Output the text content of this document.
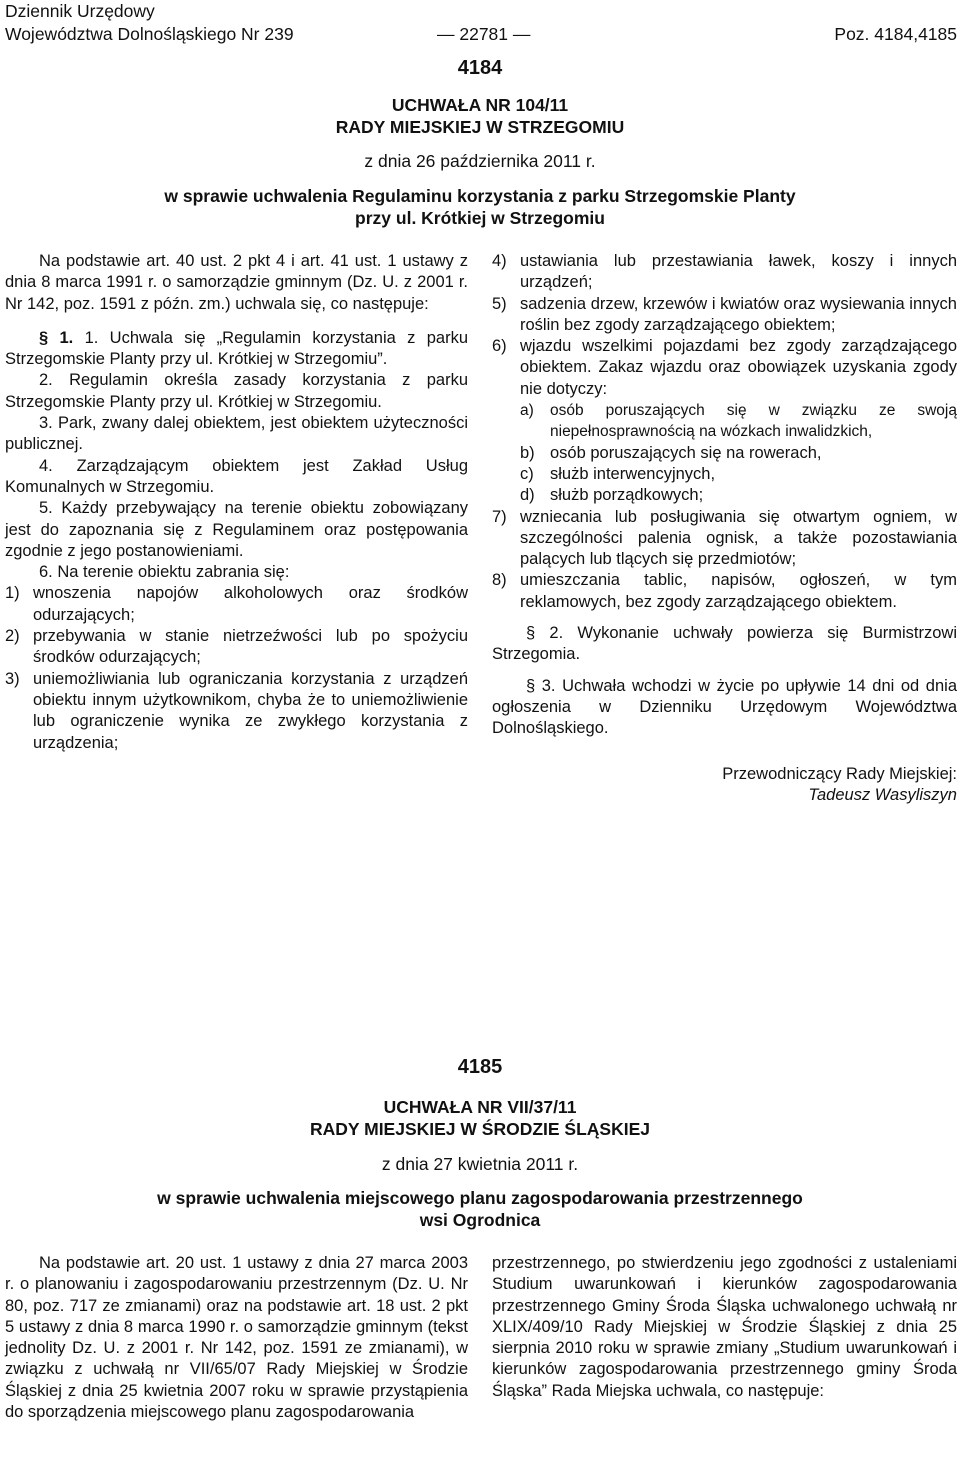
Dziennik Urzędowy
Województwa Dolnośląskiego Nr 239	— 22781 —	Poz. 4184,4185
4184
UCHWAŁA NR 104/11
RADY MIEJSKIEJ W STRZEGOMIU
z dnia 26 października 2011 r.
w sprawie uchwalenia Regulaminu korzystania z parku Strzegomskie Planty
przy ul. Krótkiej w Strzegomiu

Na podstawie art. 40 ust. 2 pkt 4 i art. 41 ust. 1 ustawy z dnia 8 marca 1991 r. o samorządzie gminnym (Dz. U. z 2001 r. Nr 142, poz. 1591 z późn. zm.) uchwala się, co następuje:

§ 1. 1. Uchwala się „Regulamin korzystania z parku Strzegomskie Planty przy ul. Krótkiej w Strzegomiu”.

2. Regulamin określa zasady korzystania z parku Strzegomskie Planty przy ul. Krótkiej w Strzegomiu.

3. Park, zwany dalej obiektem, jest obiektem użyteczności publicznej.

4. Zarządzającym obiektem jest Zakład Usług Komunalnych w Strzegomiu.

5. Każdy przebywający na terenie obiektu zobowiązany jest do zapoznania się z Regulaminem oraz postępowania zgodnie z jego postanowieniami.

6. Na terenie obiektu zabrania się:

1) wnoszenia napojów alkoholowych oraz środków odurzających;
2) przebywania w stanie nietrzeźwości lub po spożyciu środków odurzających;
3) uniemożliwiania lub ograniczania korzystania z urządzeń obiektu innym użytkownikom, chyba że to uniemożliwienie lub ograniczenie wynika ze zwykłego korzystania z urządzenia;
4) ustawiania lub przestawiania ławek, koszy i innych urządzeń;
5) sadzenia drzew, krzewów i kwiatów oraz wysiewania innych roślin bez zgody zarządzającego obiektem;
6) wjazdu wszelkimi pojazdami bez zgody zarządzającego obiektem. Zakaz wjazdu oraz obowiązek uzyskania zgody nie dotyczy:
a) osób poruszających się w związku ze swoją niepełnosprawnością na wózkach inwalidzkich,
b) osób poruszających się na rowerach,
c) służb interwencyjnych,
d) służb porządkowych;
7) wzniecania lub posługiwania się otwartym ogniem, w szczególności palenia ognisk, a także pozostawiania palących lub tlących się przedmiotów;
8) umieszczania tablic, napisów, ogłoszeń, w tym reklamowych, bez zgody zarządzającego obiektem.

§ 2. Wykonanie uchwały powierza się Burmistrzowi Strzegomia.

§ 3. Uchwała wchodzi w życie po upływie 14 dni od dnia ogłoszenia w Dzienniku Urzędowym Województwa Dolnośląskiego.

Przewodniczący Rady Miejskiej:

Tadeusz Wasyliszyn

4185
UCHWAŁA NR VII/37/11
RADY MIEJSKIEJ W ŚRODZIE ŚLĄSKIEJ
z dnia 27 kwietnia 2011 r.
w sprawie uchwalenia miejscowego planu zagospodarowania przestrzennego
wsi Ogrodnica

Na podstawie art. 20 ust. 1 ustawy z dnia 27 marca 2003 r. o planowaniu i zagospodarowaniu przestrzennym (Dz. U. Nr 80, poz. 717 ze zmianami) oraz na podstawie art. 18 ust. 2 pkt 5 ustawy z dnia 8 marca 1990 r. o samorządzie gminnym (tekst jednolity Dz. U. z 2001 r. Nr 142, poz. 1591 ze zmianami), w związku z uchwałą nr VII/65/07 Rady Miejskiej w Środzie Śląskiej z dnia 25 kwietnia 2007 roku w sprawie przystąpienia do sporządzenia miejscowego planu zagospodarowania

przestrzennego, po stwierdzeniu jego zgodności z ustaleniami Studium uwarunkowań i kierunków zagospodarowania przestrzennego Gminy Środa Śląska uchwalonego uchwałą nr XLIX/409/10 Rady Miejskiej w Środzie Śląskiej z dnia 25 sierpnia 2010 roku w sprawie zmiany „Studium uwarunkowań i kierunków zagospodarowania przestrzennego gminy Środa Śląska” Rada Miejska uchwala, co następuje:
